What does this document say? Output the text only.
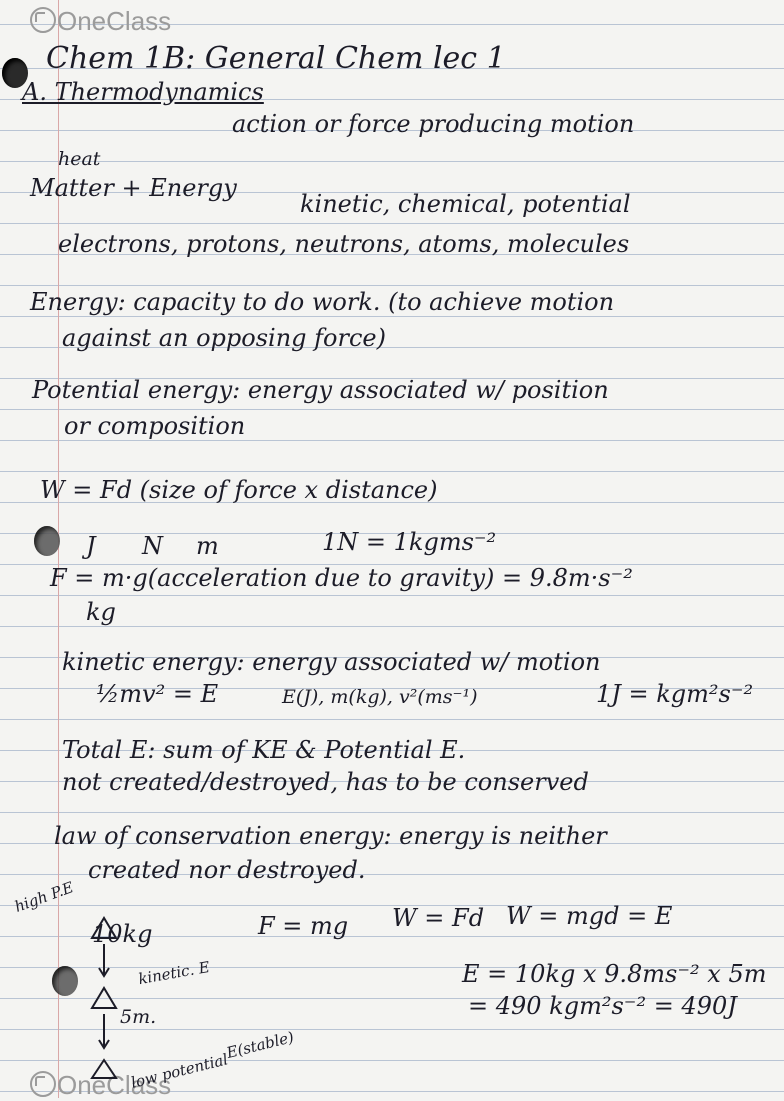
OneClass
OneClass
Chem 1B: General Chem lec 1
A. Thermodynamics
action or force producing motion
heat
Matter + Energy
kinetic, chemical, potential
electrons, protons, neutrons, atoms, molecules
Energy: capacity to do work. (to achieve motion
against an opposing force)
Potential energy: energy associated w/ position
or composition
W = Fd (size of force x distance)
J N m	1N = 1kgms⁻²
F = m·g(acceleration due to gravity) = 9.8m·s⁻²
kg
kinetic energy: energy associated w/ motion
½mv² = E	E(J), m(kg), v²(ms⁻¹)	1J = kgm²s⁻²
Total E: sum of KE & Potential E.
not created/destroyed, has to be conserved
law of conservation energy: energy is neither
created nor destroyed.
high P.E
10kg	F = mg W = Fd W = mgd = E
kinetic. E
5m.
low potential
E(stable)
E = 10kg x 9.8ms⁻² x 5m
= 490 kgm²s⁻² = 490J
